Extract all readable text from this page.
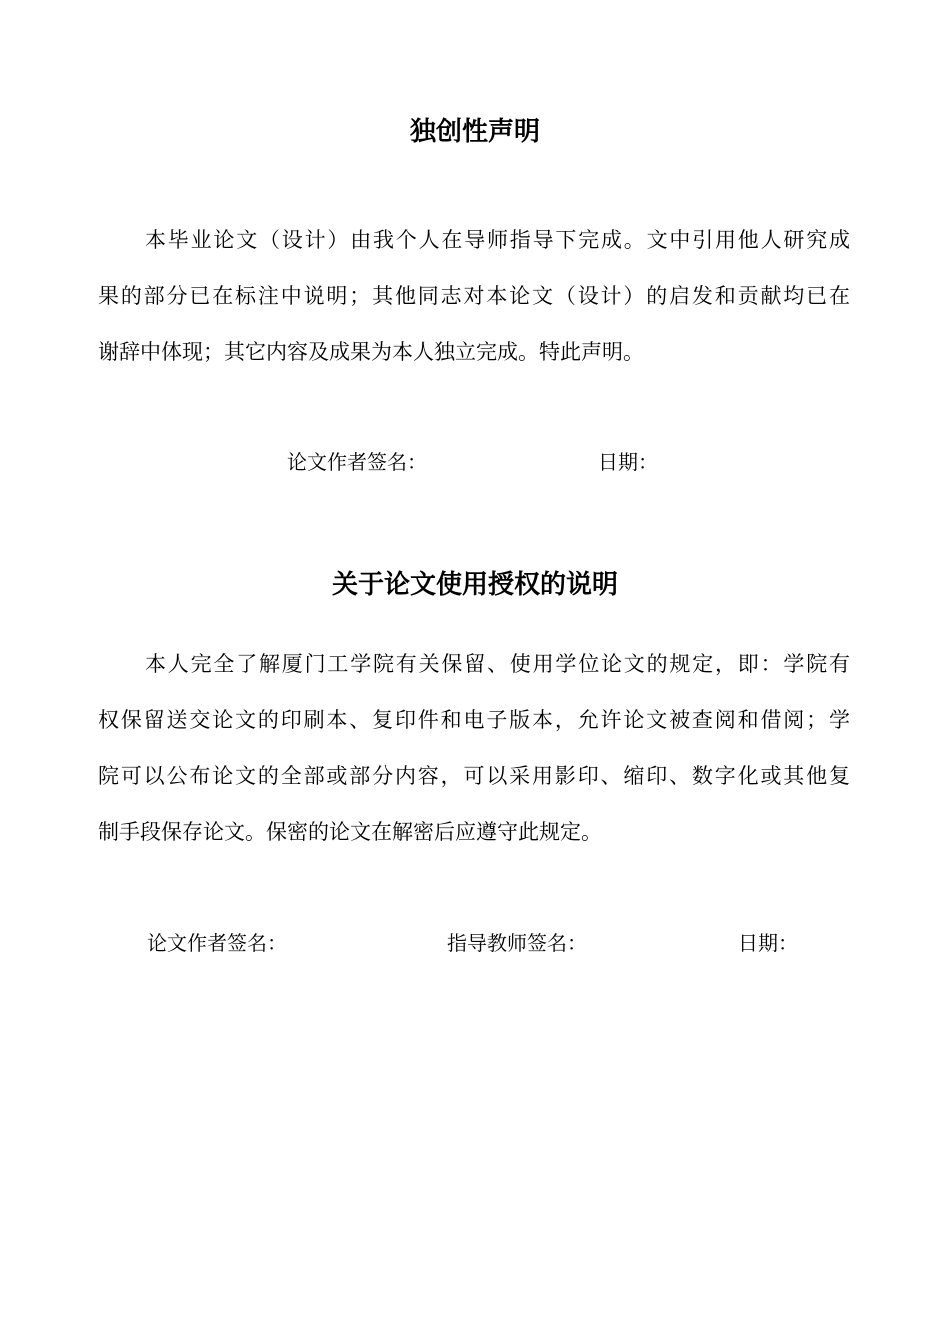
独创性声明
本毕业论文（设计）由我个人在导师指导下完成。文中引用他人研究成
果的部分已在标注中说明；其他同志对本论文（设计）的启发和贡献均已在
谢辞中体现；其它内容及成果为本人独立完成。特此声明。
论文作者签名：	日期：
关于论文使用授权的说明
本人完全了解厦门工学院有关保留、使用学位论文的规定，即：学院有
权保留送交论文的印刷本、复印件和电子版本，允许论文被查阅和借阅；学
院可以公布论文的全部或部分内容，可以采用影印、缩印、数字化或其他复
制手段保存论文。保密的论文在解密后应遵守此规定。
论文作者签名：	指导教师签名：	日期：
